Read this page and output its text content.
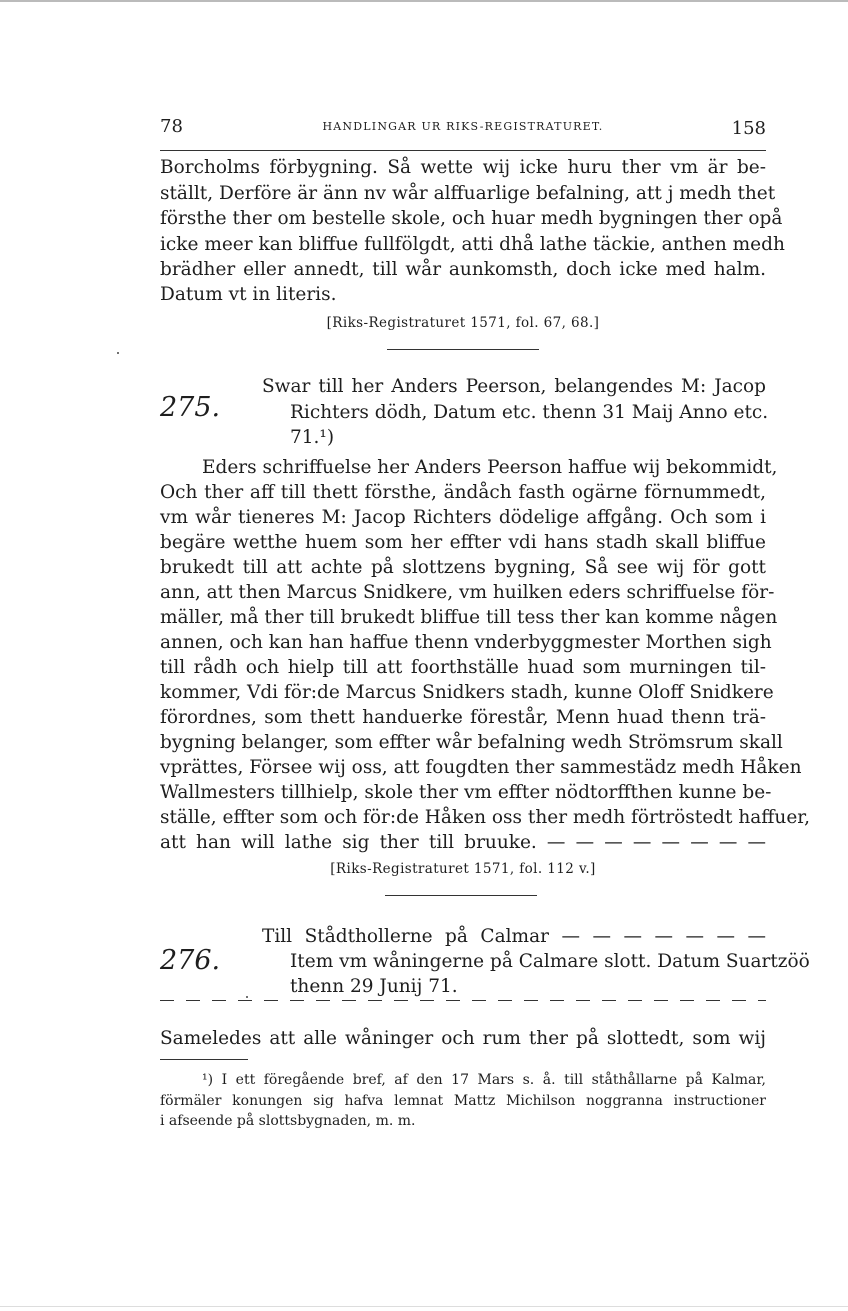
78	HANDLINGAR UR RIKS-REGISTRATURET.	158
Borcholms förbygning. Så wette wij icke huru ther vm är be-
ställt, Derföre är änn nv wår alffuarlige befalning, att j medh thet
försthe ther om bestelle skole, och huar medh bygningen ther opå
icke meer kan bliffue fullfölgdt, atti dhå lathe täckie, anthen medh
brädher eller annedt, till wår aunkomsth, doch icke med halm.
Datum vt in literis.
[Riks-Registraturet 1571, fol. 67, 68.]
275.
Swar till her Anders Peerson, belangendes M: Jacop
Richters dödh, Datum etc. thenn 31 Maij Anno etc.
71.¹)
Eders schriffuelse her Anders Peerson haffue wij bekommidt,
Och ther aff till thett försthe, ändåch fasth ogärne förnummedt,
vm wår tieneres M: Jacop Richters dödelige affgång. Och som i
begäre wetthe huem som her effter vdi hans stadh skall bliffue
brukedt till att achte på slottzens bygning, Så see wij för gott
ann, att then Marcus Snidkere, vm huilken eders schriffuelse för-
mäller, må ther till brukedt bliffue till tess ther kan komme någen
annen, och kan han haffue thenn vnderbyggmester Morthen sigh
till rådh och hielp till att foorthställe huad som murningen til-
kommer, Vdi för:de Marcus Snidkers stadh, kunne Oloff Snidkere
förordnes, som thett handuerke förestår, Menn huad thenn trä-
bygning belanger, som effter wår befalning wedh Strömsrum skall
vprättes, Försee wij oss, att fougdten ther sammestädz medh Håken
Wallmesters tillhielp, skole ther vm effter nödtorffthen kunne be-
ställe, effter som och för:de Håken oss ther medh förtröstedt haffuer,
att han will lathe sig ther till bruuke. — — — — — — — —
[Riks-Registraturet 1571, fol. 112 v.]
276.
Till Stådthollerne på Calmar — — — — — — —
Item vm wåningerne på Calmare slott. Datum Suartzöö
thenn 29 Junij 71.
Sameledes att alle wåninger och rum ther på slottedt, som wij
¹) I ett föregående bref, af den 17 Mars s. å. till ståthållarne på Kalmar,
förmäler konungen sig hafva lemnat Mattz Michilson noggranna instructioner
i afseende på slottsbygnaden, m. m.
